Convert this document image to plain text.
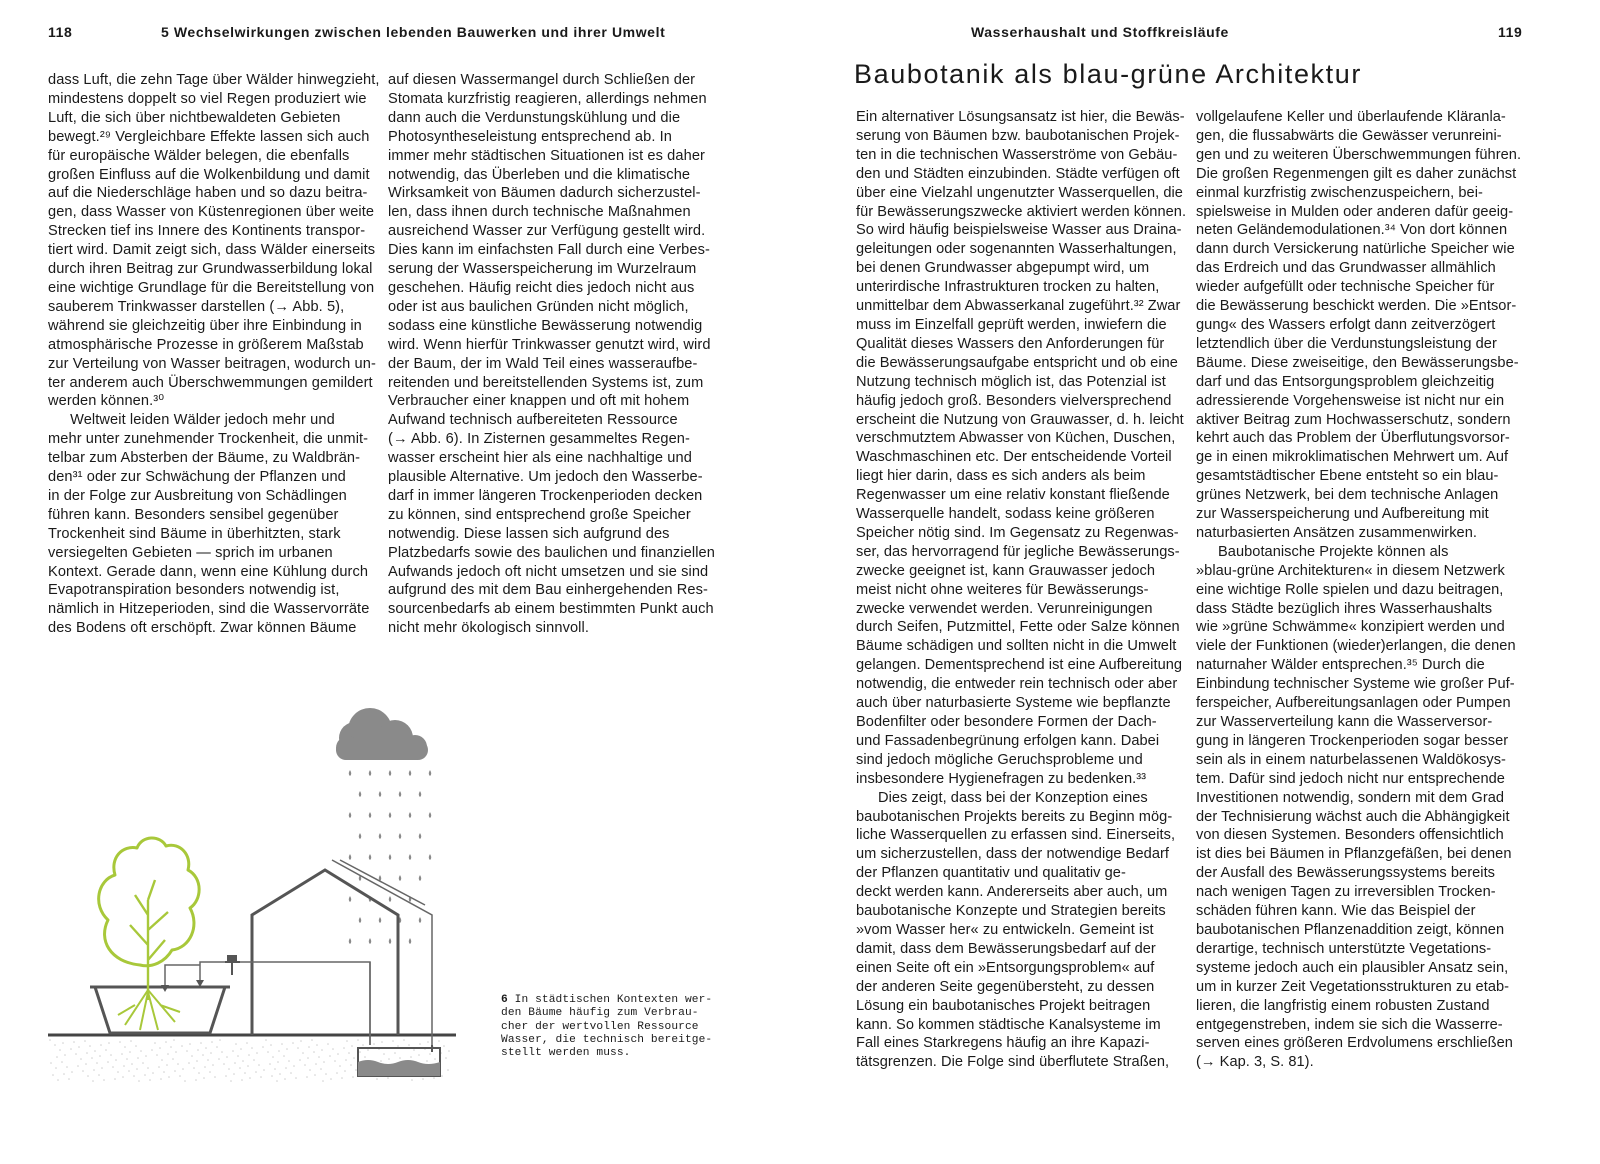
118	5 Wechselwirkungen zwischen lebenden Bauwerken und ihrer Umwelt
dass Luft, die zehn Tage über Wälder hinwegzieht,
mindestens doppelt so viel Regen produziert wie
Luft, die sich über nichtbewaldeten Gebieten
bewegt.²⁹ Vergleichbare Effekte lassen sich auch
für europäische Wälder belegen, die ebenfalls
großen Einfluss auf die Wolkenbildung und damit
auf die Niederschläge haben und so dazu beitra-
gen, dass Wasser von Küstenregionen über weite
Strecken tief ins Innere des Kontinents transpor-
tiert wird. Damit zeigt sich, dass Wälder einerseits
durch ihren Beitrag zur Grundwasserbildung lokal
eine wichtige Grundlage für die Bereitstellung von
sauberem Trinkwasser darstellen (→ Abb. 5),
während sie gleichzeitig über ihre Einbindung in
atmosphärische Prozesse in größerem Maßstab
zur Verteilung von Wasser beitragen, wodurch un-
ter anderem auch Überschwemmungen gemildert
werden können.³⁰
  Weltweit leiden Wälder jedoch mehr und
mehr unter zunehmender Trockenheit, die unmit-
telbar zum Absterben der Bäume, zu Waldbrän-
den³¹ oder zur Schwächung der Pflanzen und
in der Folge zur Ausbreitung von Schädlingen
führen kann. Besonders sensibel gegenüber
Trockenheit sind Bäume in überhitzten, stark
versiegelten Gebieten — sprich im urbanen
Kontext. Gerade dann, wenn eine Kühlung durch
Evapotranspiration besonders notwendig ist,
nämlich in Hitzeperioden, sind die Wasservorräte
des Bodens oft erschöpft. Zwar können Bäume
auf diesen Wassermangel durch Schließen der
Stomata kurzfristig reagieren, allerdings nehmen
dann auch die Verdunstungskühlung und die
Photosyntheseleistung entsprechend ab. In
immer mehr städtischen Situationen ist es daher
notwendig, das Überleben und die klimatische
Wirksamkeit von Bäumen dadurch sicherzustel-
len, dass ihnen durch technische Maßnahmen
ausreichend Wasser zur Verfügung gestellt wird.
Dies kann im einfachsten Fall durch eine Verbes-
serung der Wasserspeicherung im Wurzelraum
geschehen. Häufig reicht dies jedoch nicht aus
oder ist aus baulichen Gründen nicht möglich,
sodass eine künstliche Bewässerung notwendig
wird. Wenn hierfür Trinkwasser genutzt wird, wird
der Baum, der im Wald Teil eines wasseraufbe-
reitenden und bereitstellenden Systems ist, zum
Verbraucher einer knappen und oft mit hohem
Aufwand technisch aufbereiteten Ressource
(→ Abb. 6). In Zisternen gesammeltes Regen-
wasser erscheint hier als eine nachhaltige und
plausible Alternative. Um jedoch den Wasserbe-
darf in immer längeren Trockenperioden decken
zu können, sind entsprechend große Speicher
notwendig. Diese lassen sich aufgrund des
Platzbedarfs sowie des baulichen und finanziellen
Aufwands jedoch oft nicht umsetzen und sie sind
aufgrund des mit dem Bau einhergehenden Res-
sourcenbedarfs ab einem bestimmten Punkt auch
nicht mehr ökologisch sinnvoll.
6 In städtischen Kontexten wer-
den Bäume häufig zum Verbrau-
cher der wertvollen Ressource
Wasser, die technisch bereitge-
stellt werden muss.
Wasserhaushalt und Stoffkreisläufe	119
Baubotanik als blau-grüne Architektur
Ein alternativer Lösungsansatz ist hier, die Bewäs-
serung von Bäumen bzw. baubotanischen Projek-
ten in die technischen Wasserströme von Gebäu-
den und Städten einzubinden. Städte verfügen oft
über eine Vielzahl ungenutzter Wasserquellen, die
für Bewässerungszwecke aktiviert werden können.
So wird häufig beispielsweise Wasser aus Draina-
geleitungen oder sogenannten Wasserhaltungen,
bei denen Grundwasser abgepumpt wird, um
unterirdische Infrastrukturen trocken zu halten,
unmittelbar dem Abwasserkanal zugeführt.³² Zwar
muss im Einzelfall geprüft werden, inwiefern die
Qualität dieses Wassers den Anforderungen für
die Bewässerungsaufgabe entspricht und ob eine
Nutzung technisch möglich ist, das Potenzial ist
häufig jedoch groß. Besonders vielversprechend
erscheint die Nutzung von Grauwasser, d. h. leicht
verschmutztem Abwasser von Küchen, Duschen,
Waschmaschinen etc. Der entscheidende Vorteil
liegt hier darin, dass es sich anders als beim
Regenwasser um eine relativ konstant fließende
Wasserquelle handelt, sodass keine größeren
Speicher nötig sind. Im Gegensatz zu Regenwas-
ser, das hervorragend für jegliche Bewässerungs-
zwecke geeignet ist, kann Grauwasser jedoch
meist nicht ohne weiteres für Bewässerungs-
zwecke verwendet werden. Verunreinigungen
durch Seifen, Putzmittel, Fette oder Salze können
Bäume schädigen und sollten nicht in die Umwelt
gelangen. Dementsprechend ist eine Aufbereitung
notwendig, die entweder rein technisch oder aber
auch über naturbasierte Systeme wie bepflanzte
Bodenfilter oder besondere Formen der Dach-
und Fassadenbegrünung erfolgen kann. Dabei
sind jedoch mögliche Geruchsprobleme und
insbesondere Hygienefragen zu bedenken.³³
  Dies zeigt, dass bei der Konzeption eines
baubotanischen Projekts bereits zu Beginn mög-
liche Wasserquellen zu erfassen sind. Einerseits,
um sicherzustellen, dass der notwendige Bedarf
der Pflanzen quantitativ und qualitativ ge-
deckt werden kann. Andererseits aber auch, um
baubotanische Konzepte und Strategien bereits
»vom Wasser her« zu entwickeln. Gemeint ist
damit, dass dem Bewässerungsbedarf auf der
einen Seite oft ein »Entsorgungsproblem« auf
der anderen Seite gegenübersteht, zu dessen
Lösung ein baubotanisches Projekt beitragen
kann. So kommen städtische Kanalsysteme im
Fall eines Starkregens häufig an ihre Kapazi-
tätsgrenzen. Die Folge sind überflutete Straßen,
vollgelaufene Keller und überlaufende Kläranla-
gen, die flussabwärts die Gewässer verunreini-
gen und zu weiteren Überschwemmungen führen.
Die großen Regenmengen gilt es daher zunächst
einmal kurzfristig zwischenzuspeichern, bei-
spielsweise in Mulden oder anderen dafür geeig-
neten Geländemodulationen.³⁴ Von dort können
dann durch Versickerung natürliche Speicher wie
das Erdreich und das Grundwasser allmählich
wieder aufgefüllt oder technische Speicher für
die Bewässerung beschickt werden. Die »Entsor-
gung« des Wassers erfolgt dann zeitverzögert
letztendlich über die Verdunstungsleistung der
Bäume. Diese zweiseitige, den Bewässerungsbe-
darf und das Entsorgungsproblem gleichzeitig
adressierende Vorgehensweise ist nicht nur ein
aktiver Beitrag zum Hochwasserschutz, sondern
kehrt auch das Problem der Überflutungsvorsor-
ge in einen mikroklimatischen Mehrwert um. Auf
gesamtstädtischer Ebene entsteht so ein blau-
grünes Netzwerk, bei dem technische Anlagen
zur Wasserspeicherung und Aufbereitung mit
naturbasierten Ansätzen zusammenwirken.
  Baubotanische Projekte können als
»blau-grüne Architekturen« in diesem Netzwerk
eine wichtige Rolle spielen und dazu beitragen,
dass Städte bezüglich ihres Wasserhaushalts
wie »grüne Schwämme« konzipiert werden und
viele der Funktionen (wieder)erlangen, die denen
naturnaher Wälder entsprechen.³⁵ Durch die
Einbindung technischer Systeme wie großer Puf-
ferspeicher, Aufbereitungsanlagen oder Pumpen
zur Wasserverteilung kann die Wasserversor-
gung in längeren Trockenperioden sogar besser
sein als in einem naturbelassenen Waldökosys-
tem. Dafür sind jedoch nicht nur entsprechende
Investitionen notwendig, sondern mit dem Grad
der Technisierung wächst auch die Abhängigkeit
von diesen Systemen. Besonders offensichtlich
ist dies bei Bäumen in Pflanzgefäßen, bei denen
der Ausfall des Bewässerungssystems bereits
nach wenigen Tagen zu irreversiblen Trocken-
schäden führen kann. Wie das Beispiel der
baubotanischen Pflanzenaddition zeigt, können
derartige, technisch unterstützte Vegetations-
systeme jedoch auch ein plausibler Ansatz sein,
um in kurzer Zeit Vegetationsstrukturen zu etab-
lieren, die langfristig einem robusten Zustand
entgegenstreben, indem sie sich die Wasserre-
serven eines größeren Erdvolumens erschließen
(→ Kap. 3, S. 81).
